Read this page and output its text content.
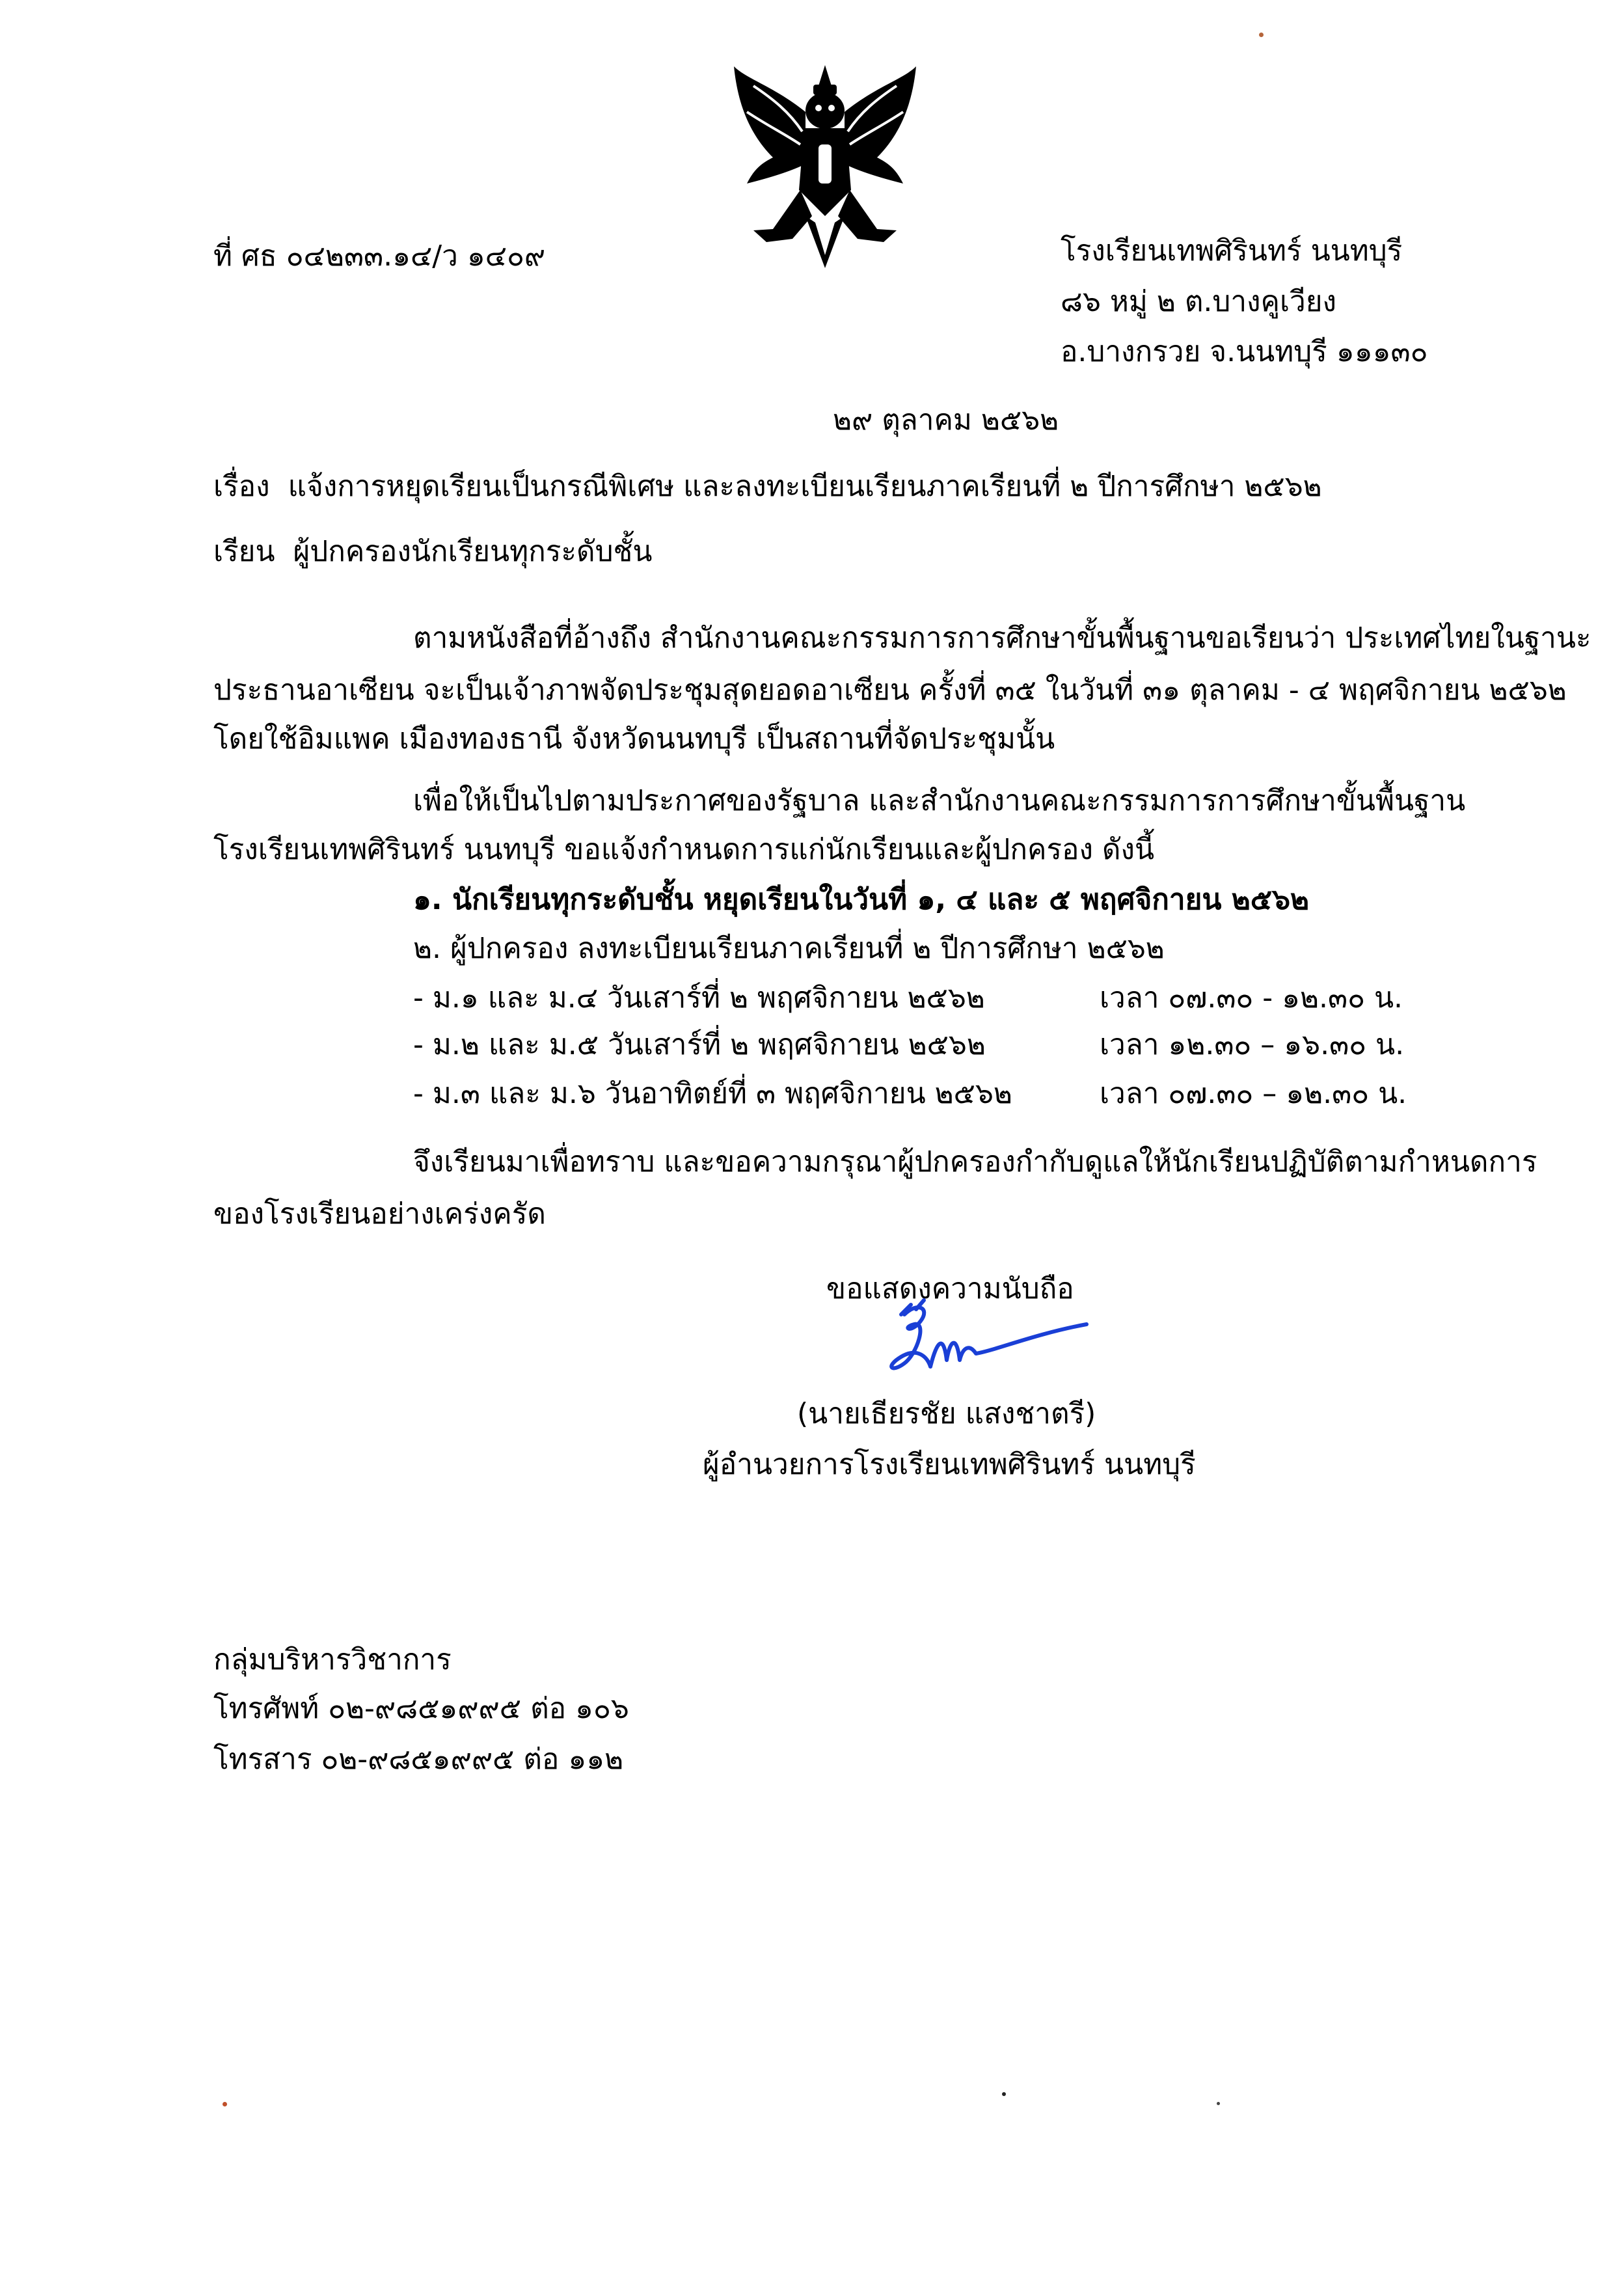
ที่ ศธ ๐๔๒๓๓.๑๔/ว ๑๔๐๙	โรงเรียนเทพศิรินทร์ นนทบุรี
๘๖ หมู่ ๒ ต.บางคูเวียง
อ.บางกรวย จ.นนทบุรี ๑๑๑๓๐
๒๙ ตุลาคม ๒๕๖๒
เรื่อง แจ้งการหยุดเรียนเป็นกรณีพิเศษ และลงทะเบียนเรียนภาคเรียนที่ ๒ ปีการศึกษา ๒๕๖๒
เรียน ผู้ปกครองนักเรียนทุกระดับชั้น
ตามหนังสือที่อ้างถึง สำนักงานคณะกรรมการการศึกษาขั้นพื้นฐานขอเรียนว่า ประเทศไทยในฐานะ
ประธานอาเซียน จะเป็นเจ้าภาพจัดประชุมสุดยอดอาเซียน ครั้งที่ ๓๕ ในวันที่ ๓๑ ตุลาคม - ๔ พฤศจิกายน ๒๕๖๒
โดยใช้อิมแพค เมืองทองธานี จังหวัดนนทบุรี เป็นสถานที่จัดประชุมนั้น
เพื่อให้เป็นไปตามประกาศของรัฐบาล และสำนักงานคณะกรรมการการศึกษาขั้นพื้นฐาน
โรงเรียนเทพศิรินทร์ นนทบุรี ขอแจ้งกำหนดการแก่นักเรียนและผู้ปกครอง ดังนี้
๑. นักเรียนทุกระดับชั้น หยุดเรียนในวันที่ ๑, ๔ และ ๕ พฤศจิกายน ๒๕๖๒
๒. ผู้ปกครอง ลงทะเบียนเรียนภาคเรียนที่ ๒ ปีการศึกษา ๒๕๖๒
- ม.๑ และ ม.๔ วันเสาร์ที่ ๒ พฤศจิกายน ๒๕๖๒	เวลา ๐๗.๓๐ - ๑๒.๓๐ น.
- ม.๒ และ ม.๕ วันเสาร์ที่ ๒ พฤศจิกายน ๒๕๖๒	เวลา ๑๒.๓๐ – ๑๖.๓๐ น.
- ม.๓ และ ม.๖ วันอาทิตย์ที่ ๓ พฤศจิกายน ๒๕๖๒	เวลา ๐๗.๓๐ – ๑๒.๓๐ น.
จึงเรียนมาเพื่อทราบ และขอความกรุณาผู้ปกครองกำกับดูแลให้นักเรียนปฏิบัติตามกำหนดการ
ของโรงเรียนอย่างเคร่งครัด
ขอแสดงความนับถือ
(นายเธียรชัย แสงชาตรี)
ผู้อำนวยการโรงเรียนเทพศิรินทร์ นนทบุรี
กลุ่มบริหารวิชาการ
โทรศัพท์ ๐๒-๙๘๕๑๙๙๕ ต่อ ๑๐๖
โทรสาร ๐๒-๙๘๕๑๙๙๕ ต่อ ๑๑๒
